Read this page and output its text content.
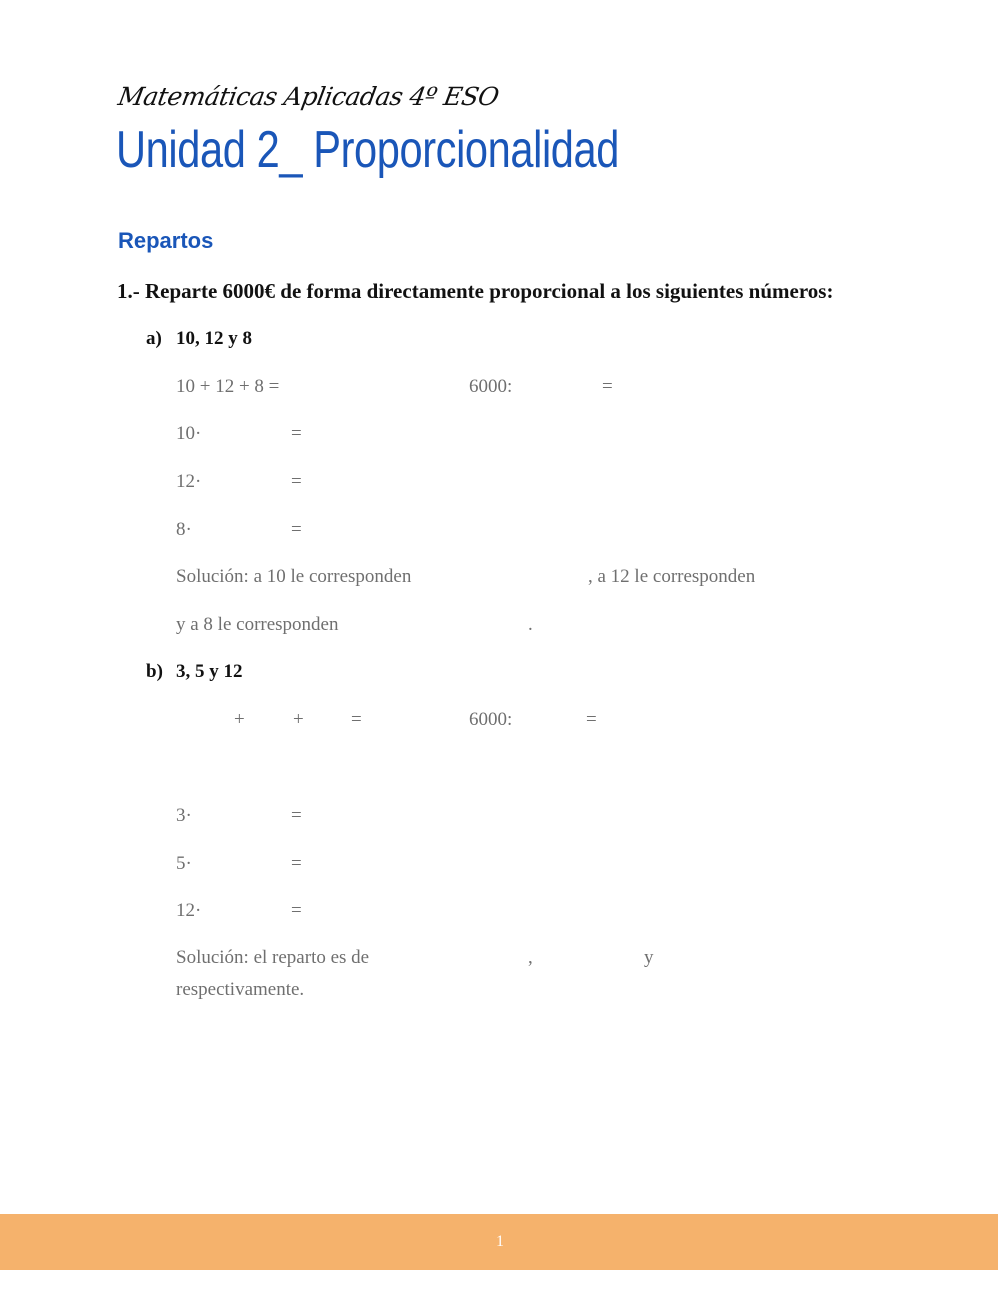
Matemáticas Aplicadas 4º ESO
Unidad 2_ Proporcionalidad
Repartos
1.- Reparte 6000€ de forma directamente proporcional a los siguientes números:
a) 10, 12 y 8
10 + 12 + 8 =	6000:	=
10·	=
12·	=
8·	=
Solución: a 10 le corresponden	, a 12 le corresponden
y a 8 le corresponden	.
b) 3, 5 y 12
+	+ =	6000:	=
3·	=
5·	=
12·	=
Solución: el reparto es de	,	y
respectivamente.
1
